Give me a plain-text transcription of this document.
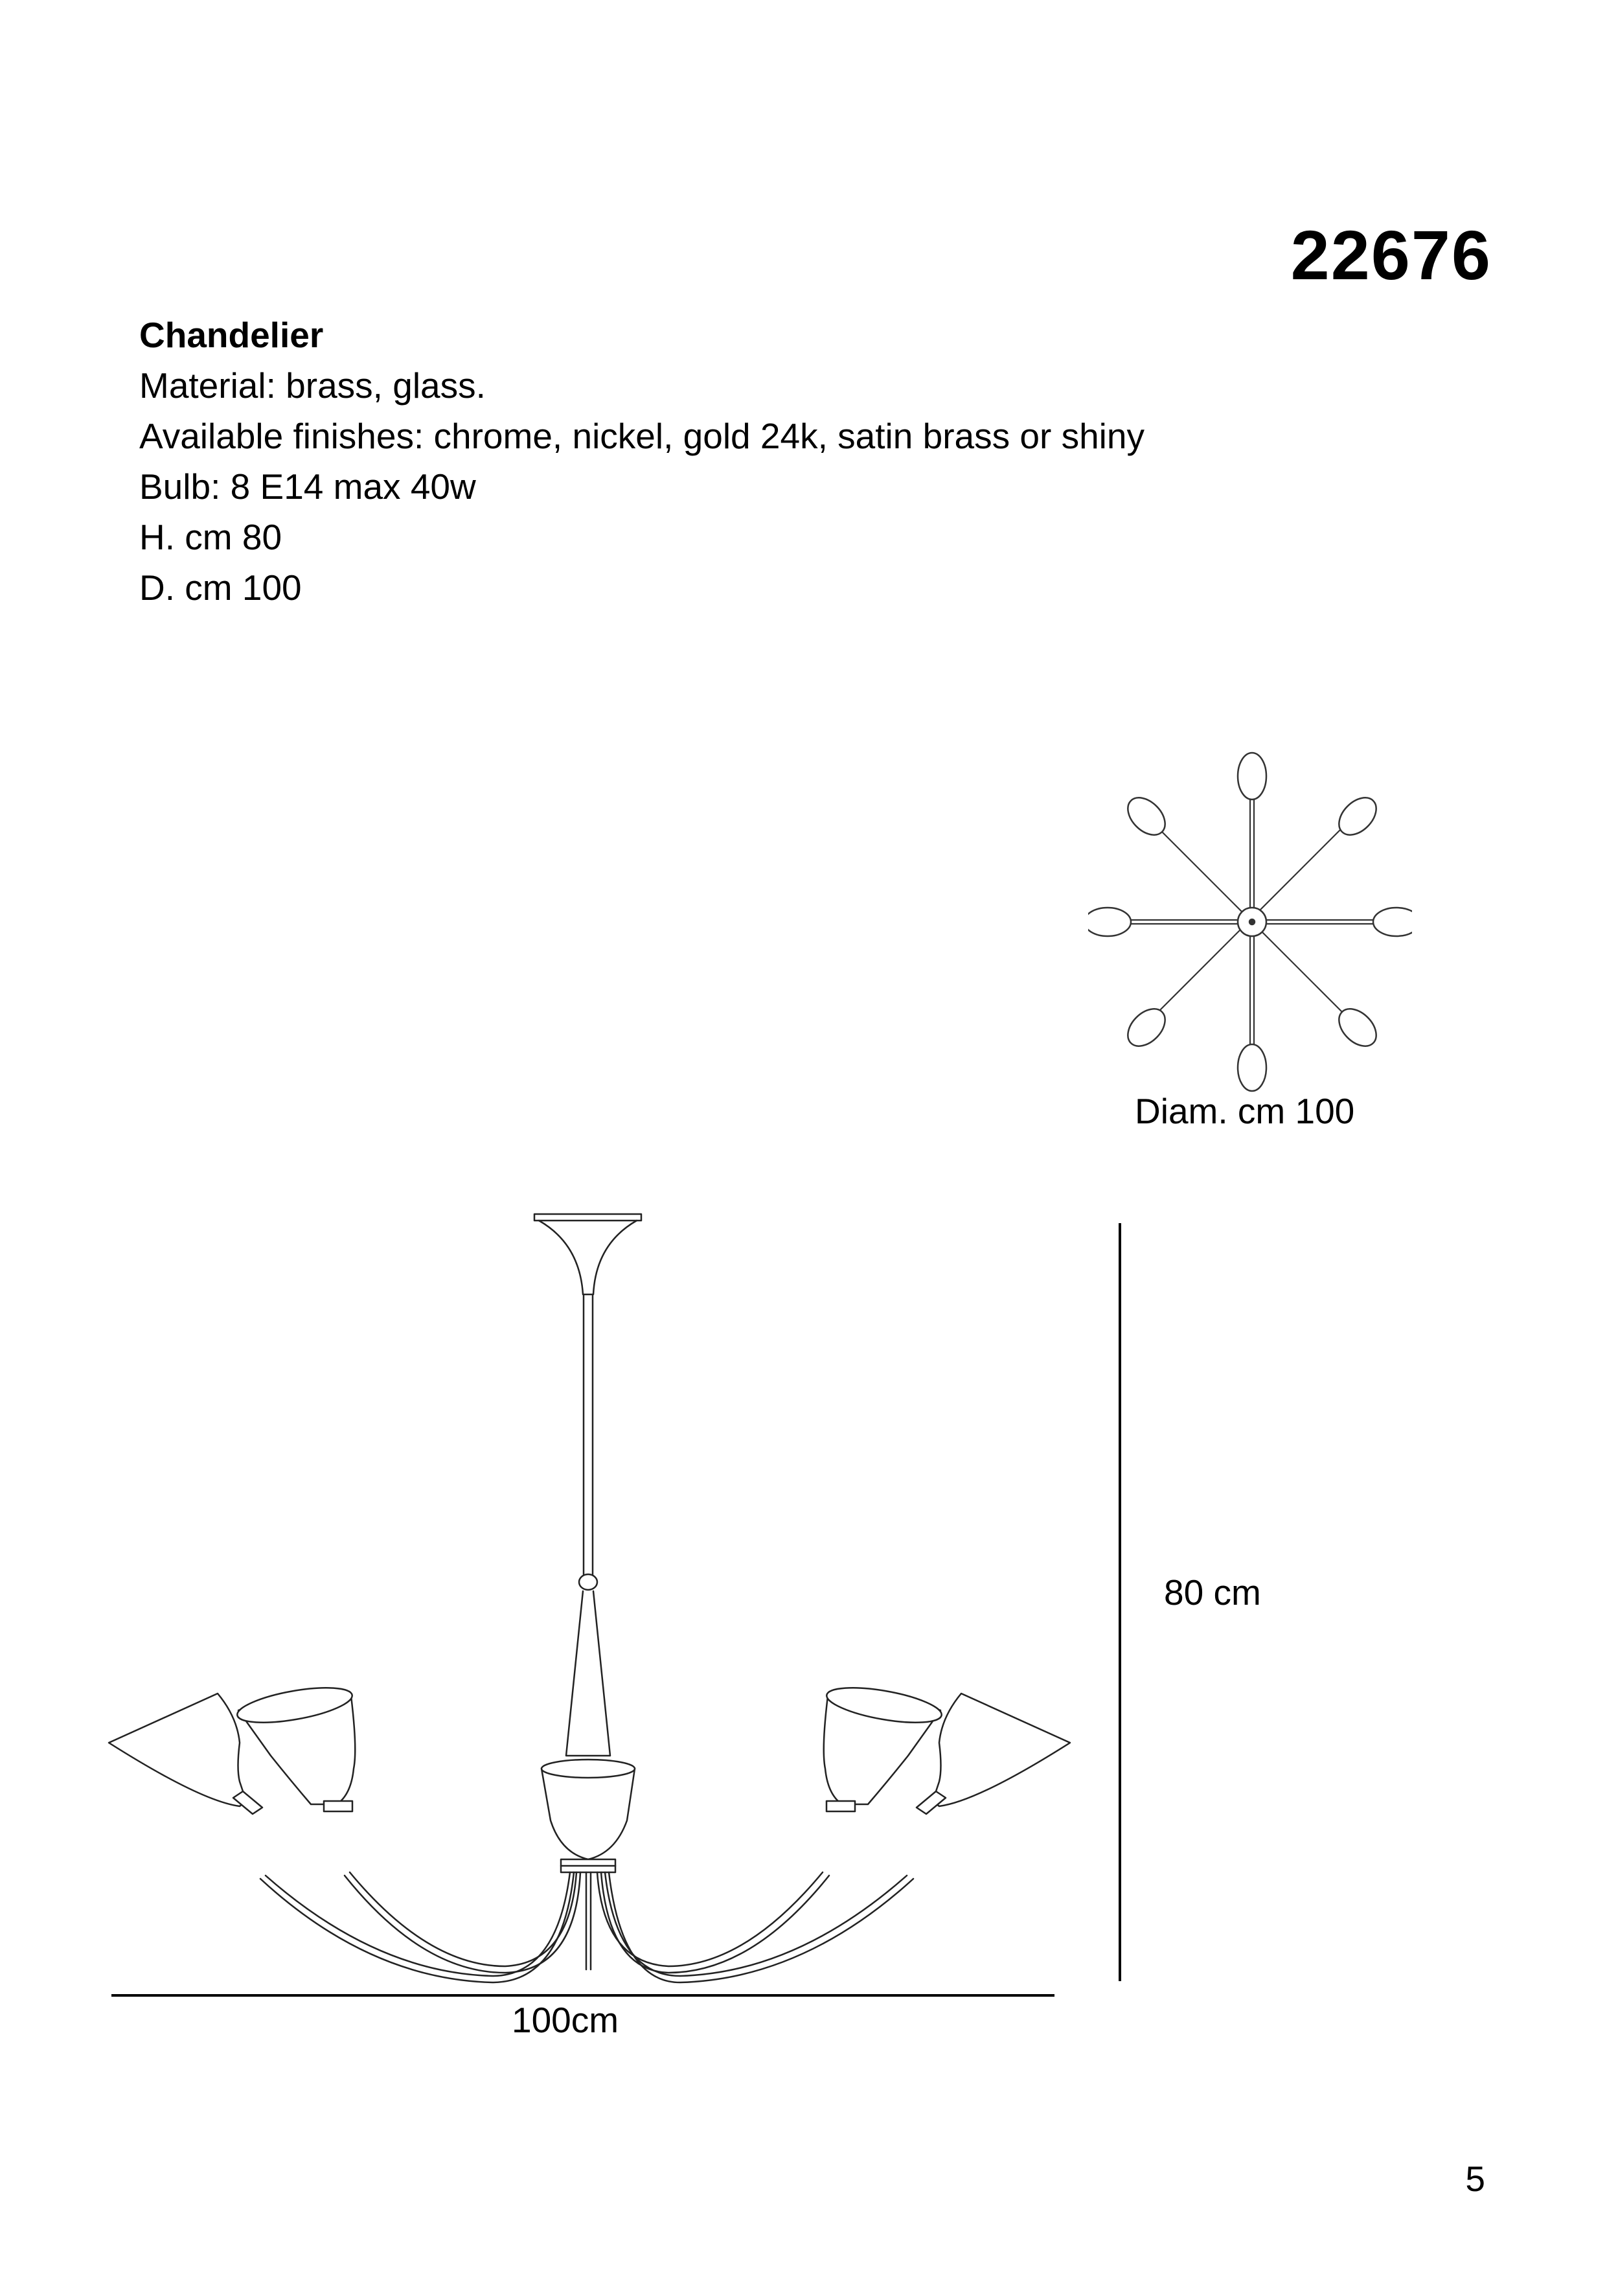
22676

Chandelier

Material: brass, glass.

Available finishes: chrome, nickel, gold 24k, satin brass or shiny

Bulb: 8 E14 max 40w

H. cm 80

D. cm 100

Diam. cm 100
80 cm
100cm
5
